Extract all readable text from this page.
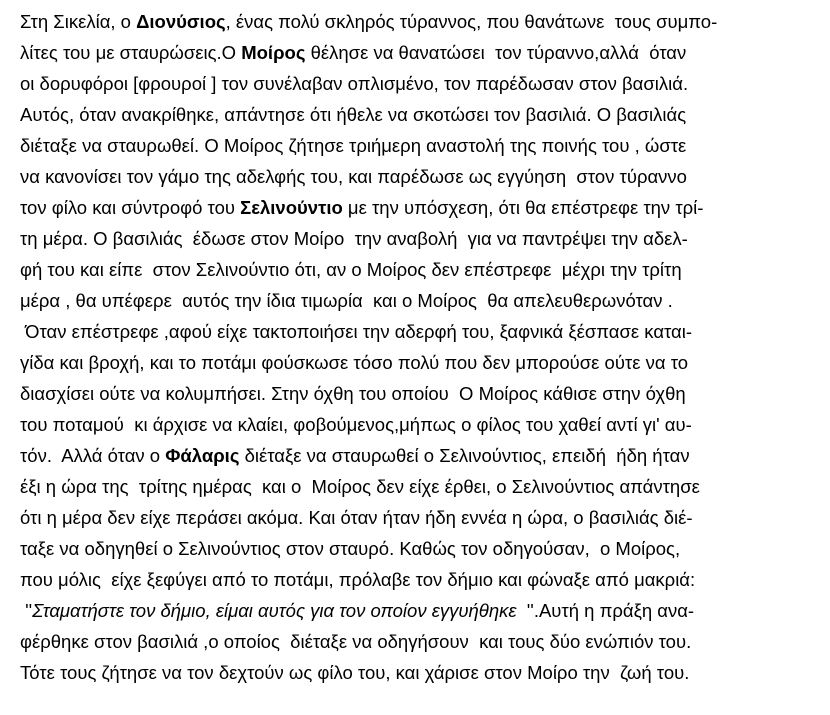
Στη Σικελία, ο Διονύσιος, ένας πολύ σκληρός τύραννος, που θανάτωνε  τους συμπο-
λίτες του με σταυρώσεις.Ο Μοίρος θέλησε να θανατώσει  τον τύραννο,αλλά  όταν
οι δορυφόροι [φρουροί ] τον συνέλαβαν οπλισμένο, τον παρέδωσαν στον βασιλιά.
Αυτός, όταν ανακρίθηκε, απάντησε ότι ήθελε να σκοτώσει τον βασιλιά. Ο βασιλιάς
διέταξε να σταυρωθεί. Ο Μοίρος ζήτησε τριήμερη αναστολή της ποινής του , ώστε
να κανονίσει τον γάμο της αδελφής του, και παρέδωσε ως εγγύηση  στον τύραννο
τον φίλο και σύντροφό του Σελινούντιο με την υπόσχεση, ότι θα επέστρεφε την τρί-
τη μέρα. Ο βασιλιάς  έδωσε στον Μοίρο  την αναβολή  για να παντρέψει την αδελ-
φή του και είπε  στον Σελινούντιο ότι, αν ο Μοίρος δεν επέστρεφε  μέχρι την τρίτη
μέρα , θα υπέφερε  αυτός την ίδια τιμωρία  και ο Μοίρος  θα απελευθερωνόταν .
Όταν επέστρεφε ,αφού είχε τακτοποιήσει την αδερφή του, ξαφνικά ξέσπασε καται-
γίδα και βροχή, και το ποτάμι φούσκωσε τόσο πολύ που δεν μπορούσε ούτε να το
διασχίσει ούτε να κολυμπήσει. Στην όχθη του οποίου  Ο Μοίρος κάθισε στην όχθη
του ποταμού  κι άρχισε να κλαίει, φοβούμενος,μήπως ο φίλος του χαθεί αντί γι' αυ-
τόν.  Αλλά όταν ο Φάλαρις διέταξε να σταυρωθεί ο Σελινούντιος, επειδή  ήδη ήταν
έξι η ώρα της  τρίτης ημέρας  και ο  Μοίρος δεν είχε έρθει, ο Σελινούντιος απάντησε
ότι η μέρα δεν είχε περάσει ακόμα. Και όταν ήταν ήδη εννέα η ώρα, ο βασιλιάς διέ-
ταξε να οδηγηθεί ο Σελινούντιος στον σταυρό. Καθώς τον οδηγούσαν,  ο Μοίρος,
που μόλις  είχε ξεφύγει από το ποτάμι, πρόλαβε τον δήμιο και φώναξε από μακριά:
''Σταματήστε τον δήμιο, είμαι αυτός για τον οποίον εγγυήθηκε  ''.Αυτή η πράξη ανα-
φέρθηκε στον βασιλιά ,ο οποίος  διέταξε να οδηγήσουν  και τους δύο ενώπιόν του.
Τότε τους ζήτησε να τον δεχτούν ως φίλο του, και χάρισε στον Μοίρο την  ζωή του.
